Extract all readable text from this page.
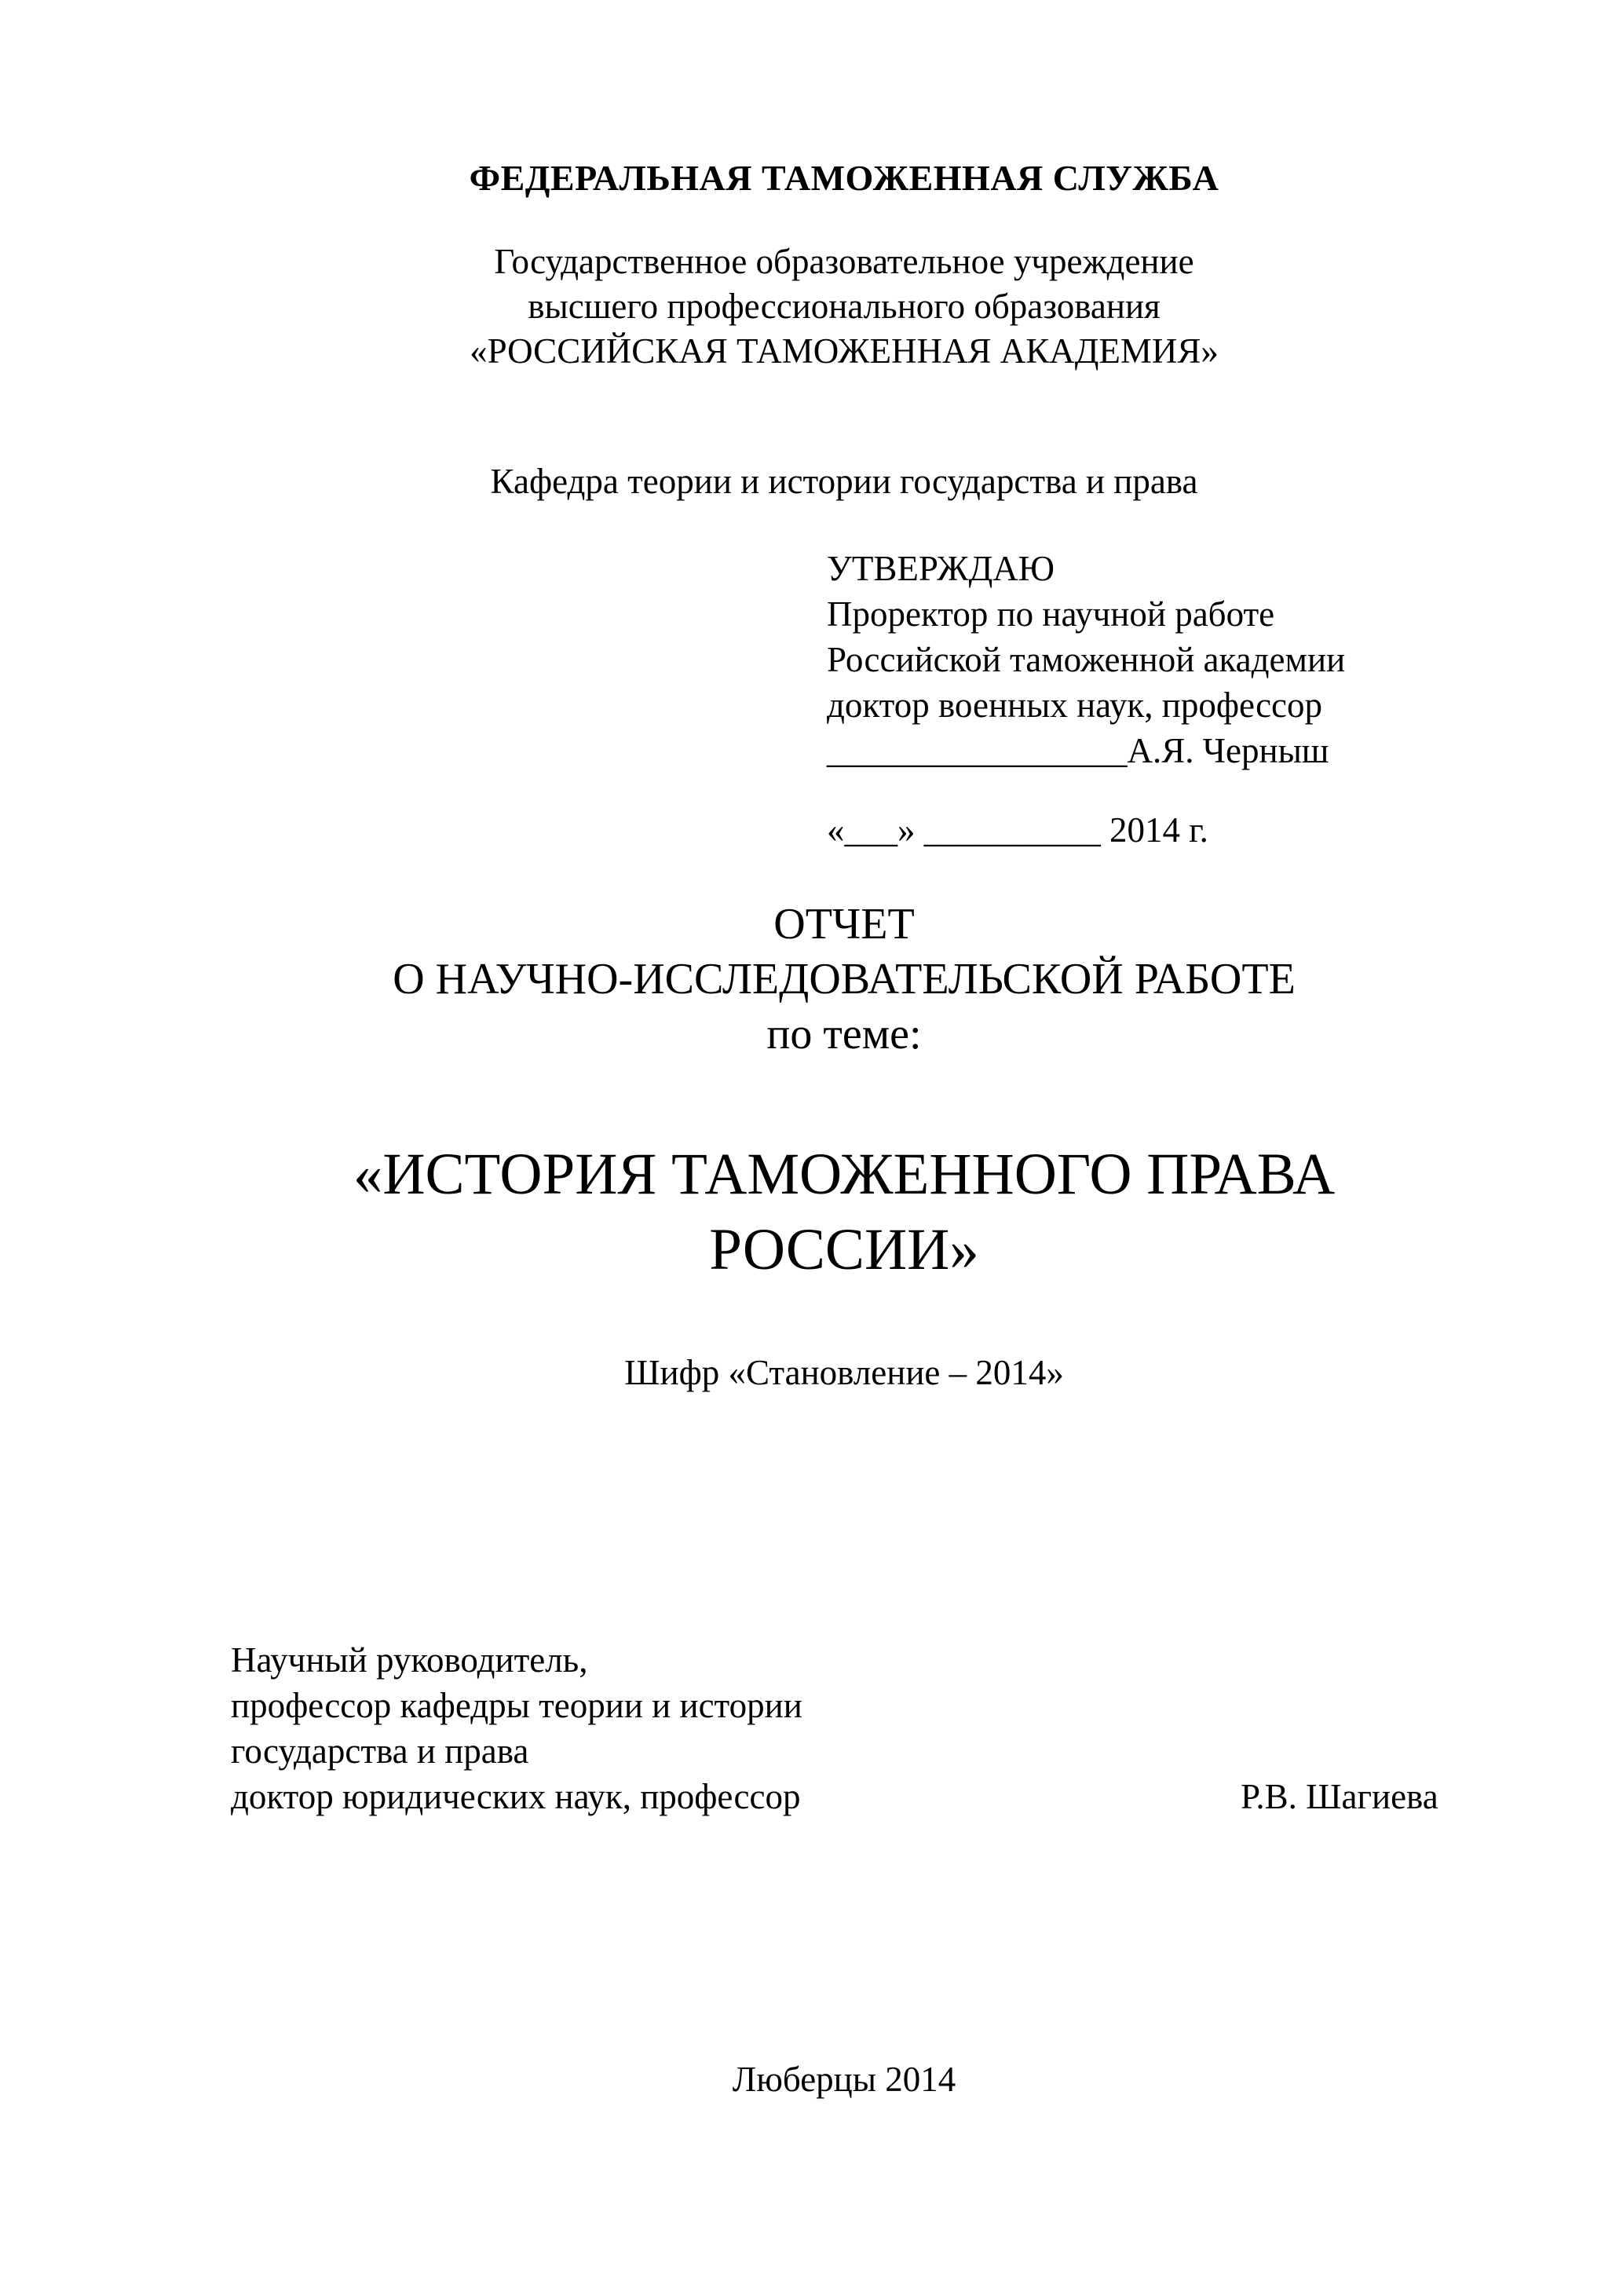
ФЕДЕРАЛЬНАЯ ТАМОЖЕННАЯ СЛУЖБА
Государственное образовательное учреждение
высшего профессионального образования
«РОССИЙСКАЯ ТАМОЖЕННАЯ АКАДЕМИЯ»
Кафедра теории и истории государства и права
УТВЕРЖДАЮ
Проректор по научной работе
Российской таможенной академии
доктор военных наук, профессор
_________________А.Я. Черныш
«___» __________ 2014 г.
ОТЧЕТ
О НАУЧНО-ИССЛЕДОВАТЕЛЬСКОЙ РАБОТЕ
по теме:
«ИСТОРИЯ ТАМОЖЕННОГО ПРАВА
РОССИИ»
Шифр «Становление – 2014»
Научный руководитель,
профессор кафедры теории и истории
государства и права
доктор юридических наук, профессор	Р.В. Шагиева
Люберцы 2014
